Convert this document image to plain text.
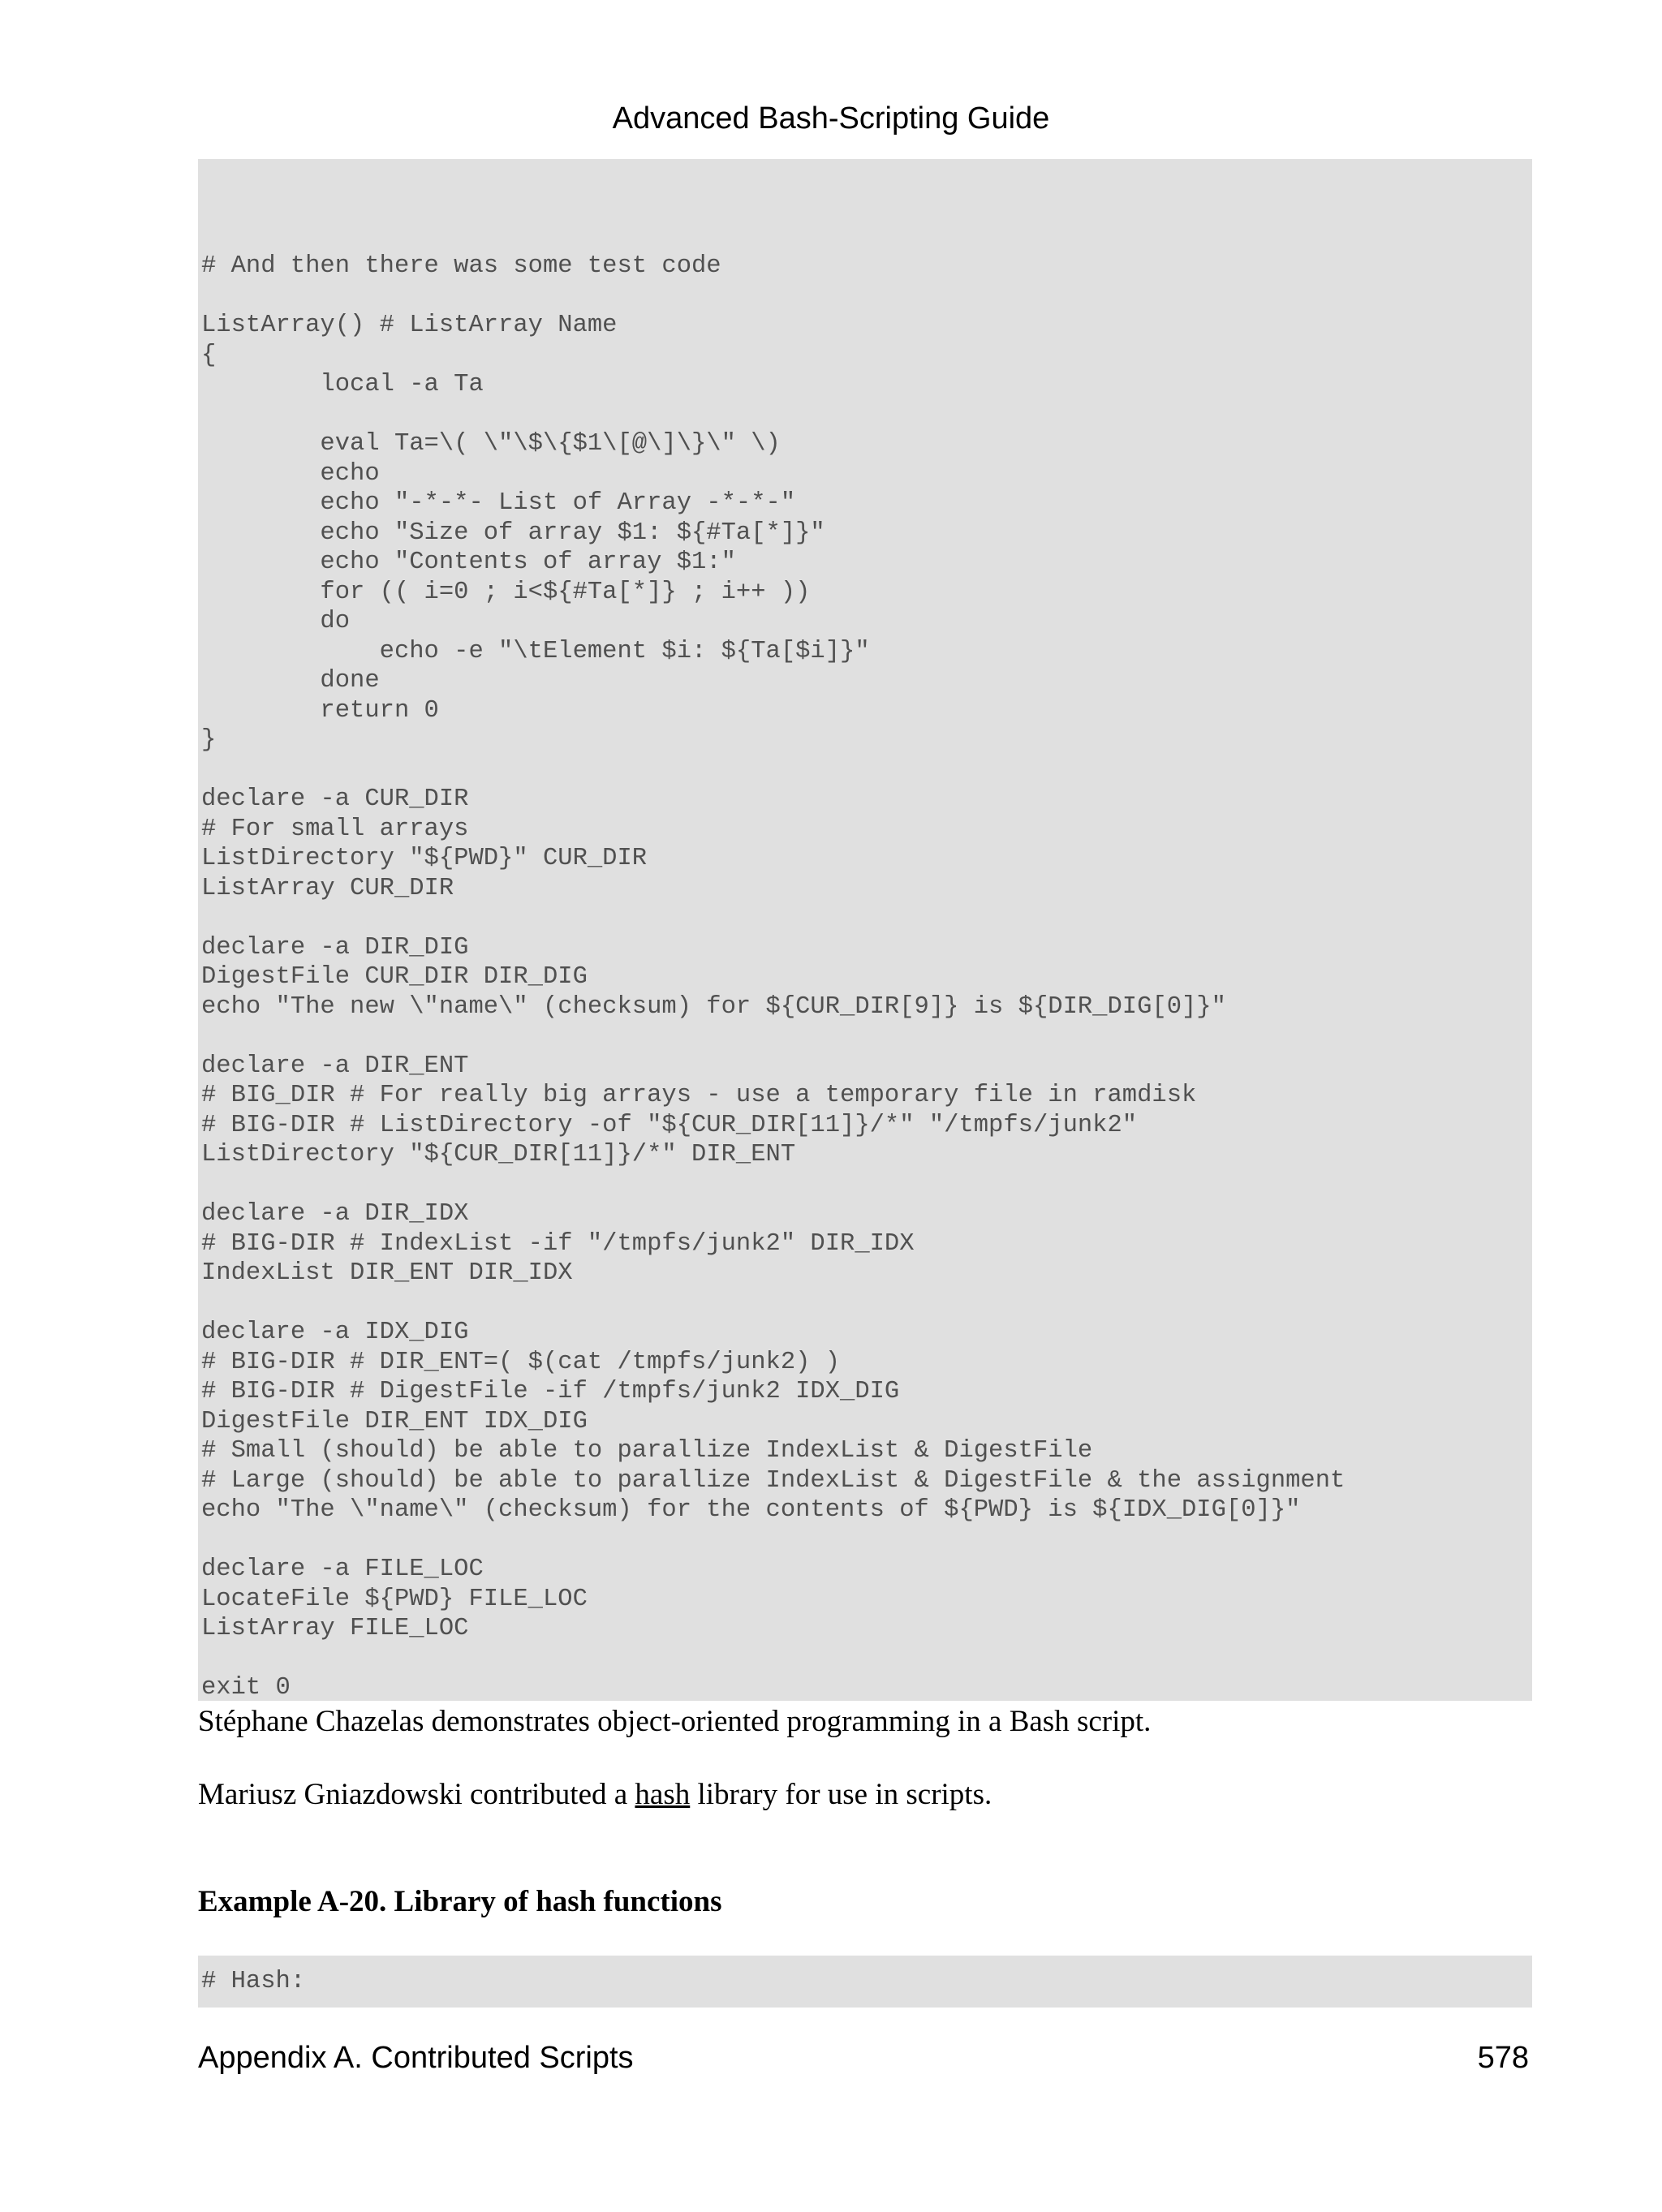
Advanced Bash-Scripting Guide
# And then there was some test code

ListArray() # ListArray Name
{
local -a Ta

eval Ta=\( \"\$\{$1\[@\]\}\" \)
echo
echo "-*-*- List of Array -*-*-"
echo "Size of array $1: ${#Ta[*]}"
echo "Contents of array $1:"
for (( i=0 ; i<${#Ta[*]} ; i++ ))
do
echo -e "\tElement $i: ${Ta[$i]}"
done
return 0
}

declare -a CUR_DIR
# For small arrays
ListDirectory "${PWD}" CUR_DIR
ListArray CUR_DIR

declare -a DIR_DIG
DigestFile CUR_DIR DIR_DIG
echo "The new \"name\" (checksum) for ${CUR_DIR[9]} is ${DIR_DIG[0]}"

declare -a DIR_ENT
# BIG_DIR # For really big arrays - use a temporary file in ramdisk
# BIG-DIR # ListDirectory -of "${CUR_DIR[11]}/*" "/tmpfs/junk2"
ListDirectory "${CUR_DIR[11]}/*" DIR_ENT

declare -a DIR_IDX
# BIG-DIR # IndexList -if "/tmpfs/junk2" DIR_IDX
IndexList DIR_ENT DIR_IDX

declare -a IDX_DIG
# BIG-DIR # DIR_ENT=( $(cat /tmpfs/junk2) )
# BIG-DIR # DigestFile -if /tmpfs/junk2 IDX_DIG
DigestFile DIR_ENT IDX_DIG
# Small (should) be able to parallize IndexList & DigestFile
# Large (should) be able to parallize IndexList & DigestFile & the assignment
echo "The \"name\" (checksum) for the contents of ${PWD} is ${IDX_DIG[0]}"

declare -a FILE_LOC
LocateFile ${PWD} FILE_LOC
ListArray FILE_LOC

exit 0

Stéphane Chazelas demonstrates object-oriented programming in a Bash script.

Mariusz Gniazdowski contributed a hash library for use in scripts.

Example A-20. Library of hash functions

# Hash:
Appendix A. Contributed Scripts	578
